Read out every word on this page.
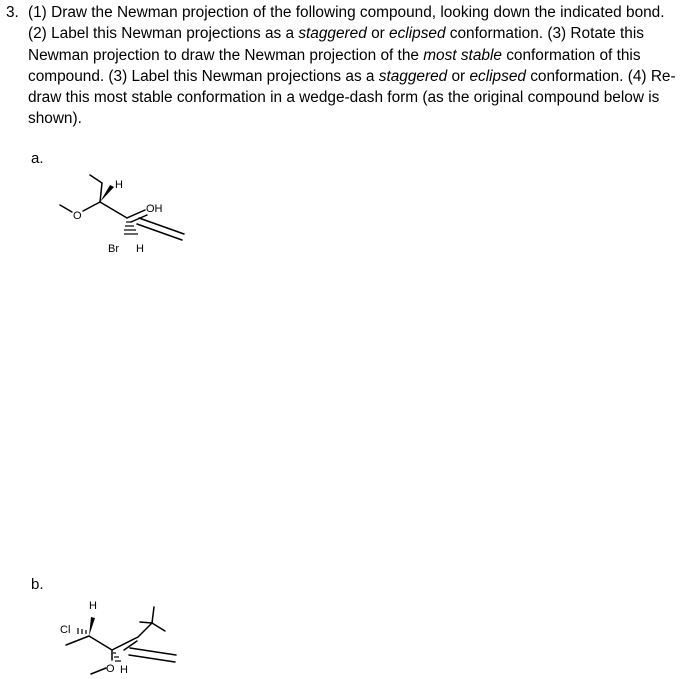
3. (1) Draw the Newman projection of the following compound, looking down the indicated bond. (2) Label this Newman projections as a staggered or eclipsed conformation. (3) Rotate this Newman projection to draw the Newman projection of the most stable conformation of this compound. (3) Label this Newman projections as a staggered or eclipsed conformation. (4) Re-draw this most stable conformation in a wedge-dash form (as the original compound below is shown).
a.
b.
O
H
OH
Br H
H
Cl
O H
